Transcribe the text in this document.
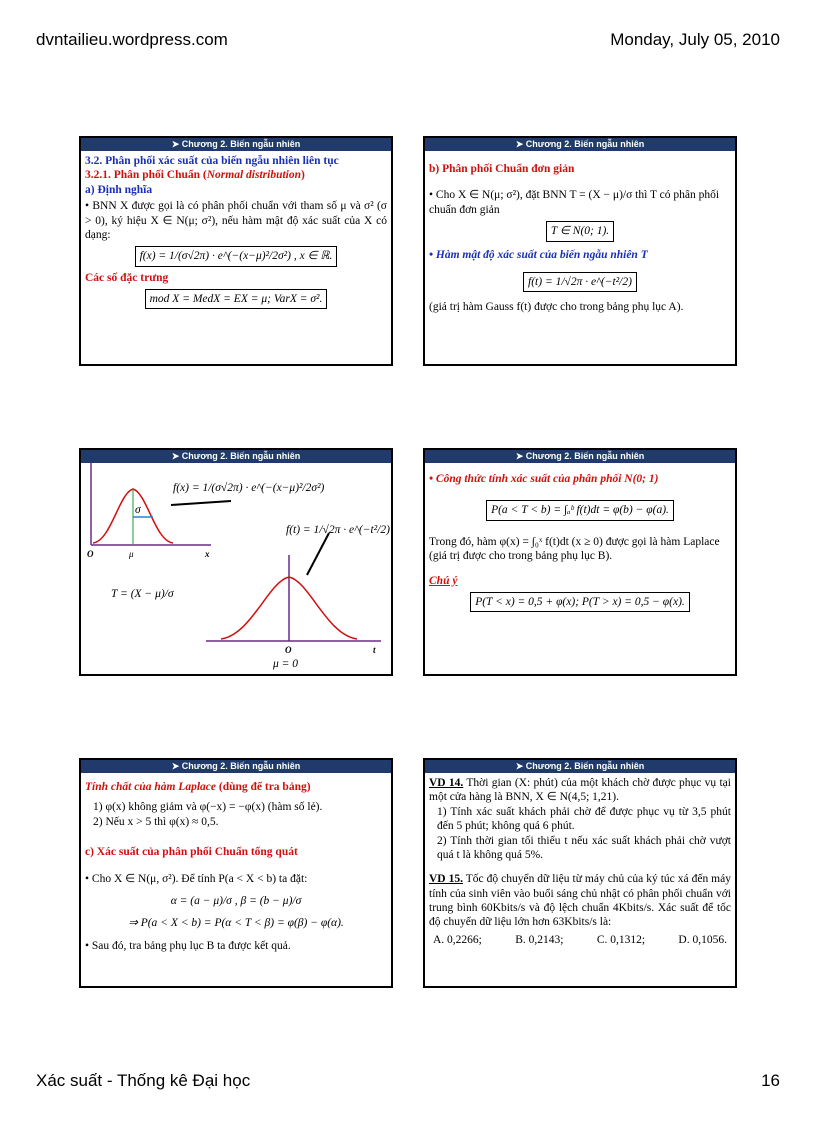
dvntailieu.wordpress.com	Monday, July 05, 2010
➤ Chương 2. Biến ngẫu nhiên
3.2. Phân phối xác suất của biến ngẫu nhiên liên tục
3.2.1. Phân phối Chuẩn (Normal distribution)
a) Định nghĩa
• BNN X được gọi là có phân phối chuẩn với tham số μ và σ² (σ > 0), ký hiệu X ∈ N(μ; σ²), nếu hàm mật độ xác suất của X có dạng:
f(x) = 1/(σ√2π) · e^(−(x−μ)²/2σ²) , x ∈ ℝ.
Các số đặc trưng
mod X = MedX = EX = μ; VarX = σ².
➤ Chương 2. Biến ngẫu nhiên
b) Phân phối Chuẩn đơn giản
• Cho X ∈ N(μ; σ²), đặt BNN T = (X − μ)/σ thì T có phân phối chuẩn đơn giản
T ∈ N(0; 1).
• Hàm mật độ xác suất của biến ngẫu nhiên T
f(t) = 1/√2π · e^(−t²/2)
(giá trị hàm Gauss f(t) được cho trong bảng phụ lục A).
➤ Chương 2. Biến ngẫu nhiên
f(x) = 1/(σ√2π) · e^(−(x−μ)²/2σ²)
f(t) = 1/√2π · e^(−t²/2)
σ
O	μ	x
T = (X − μ)/σ
O	t
μ = 0
➤ Chương 2. Biến ngẫu nhiên
• Công thức tính xác suất của phân phối N(0; 1)
P(a < T < b) = ∫ₐᵇ f(t)dt = φ(b) − φ(a).
Trong đó, hàm φ(x) = ∫₀ˣ f(t)dt (x ≥ 0) được gọi là hàm Laplace (giá trị được cho trong bảng phụ lục B).
Chú ý
P(T < x) = 0,5 + φ(x); P(T > x) = 0,5 − φ(x).
➤ Chương 2. Biến ngẫu nhiên
Tính chất của hàm Laplace (dùng để tra bảng)
1) φ(x) không giảm và φ(−x) = −φ(x) (hàm số lẻ).
2) Nếu x > 5 thì φ(x) ≈ 0,5.
c) Xác suất của phân phối Chuẩn tổng quát
• Cho X ∈ N(μ, σ²). Để tính P(a < X < b) ta đặt:
α = (a − μ)/σ , β = (b − μ)/σ
⇒ P(a < X < b) = P(α < T < β) = φ(β) − φ(α).
• Sau đó, tra bảng phụ lục B ta được kết quả.
➤ Chương 2. Biến ngẫu nhiên
VD 14. Thời gian (X: phút) của một khách chờ được phục vụ tại một cửa hàng là BNN, X ∈ N(4,5; 1,21).
1) Tính xác suất khách phải chờ để được phục vụ từ 3,5 phút đến 5 phút; không quá 6 phút.
2) Tính thời gian tối thiểu t nếu xác suất khách phải chờ vượt quá t là không quá 5%.
VD 15. Tốc độ chuyển dữ liệu từ máy chủ của ký túc xá đến máy tính của sinh viên vào buổi sáng chủ nhật có phân phối chuẩn với trung bình 60Kbits/s và độ lệch chuẩn 4Kbits/s. Xác suất để tốc độ chuyển dữ liệu lớn hơn 63Kbits/s là:
A. 0,2266;	B. 0,2143;	C. 0,1312;	D. 0,1056.
Xác suất - Thống kê Đại học	16
